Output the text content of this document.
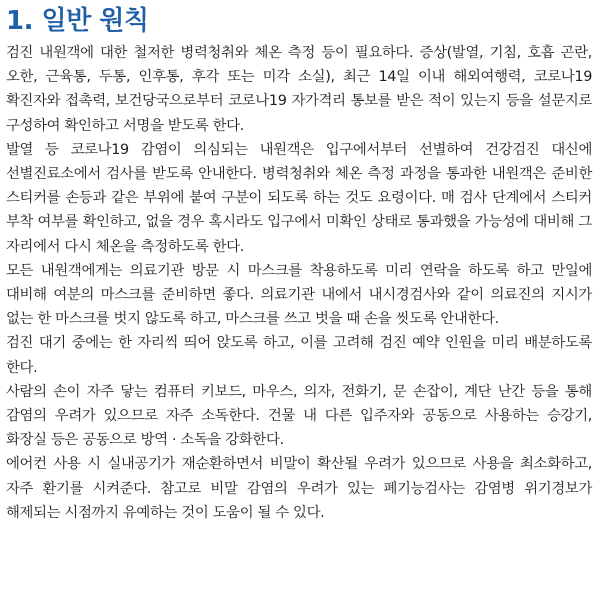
1. 일반 원칙

검진 내원객에 대한 철저한 병력청취와 체온 측정 등이 필요하다. 증상(발열, 기침, 호흡 곤란, 오한, 근육통, 두통, 인후통, 후각 또는 미각 소실), 최근 14일 이내 해외여행력, 코로나19 확진자와 접촉력, 보건당국으로부터 코로나19 자가격리 통보를 받은 적이 있는지 등을 설문지로 구성하여 확인하고 서명을 받도록 한다.

발열 등 코로나19 감염이 의심되는 내원객은 입구에서부터 선별하여 건강검진 대신에 선별진료소에서 검사를 받도록 안내한다. 병력청취와 체온 측정 과정을 통과한 내원객은 준비한 스티커를 손등과 같은 부위에 붙여 구분이 되도록 하는 것도 요령이다. 매 검사 단계에서 스티커 부착 여부를 확인하고, 없을 경우 혹시라도 입구에서 미확인 상태로 통과했을 가능성에 대비해 그 자리에서 다시 체온을 측정하도록 한다.

모든 내원객에게는 의료기관 방문 시 마스크를 착용하도록 미리 연락을 하도록 하고 만일에 대비해 여분의 마스크를 준비하면 좋다. 의료기관 내에서 내시경검사와 같이 의료진의 지시가 없는 한 마스크를 벗지 않도록 하고, 마스크를 쓰고 벗을 때 손을 씻도록 안내한다.

검진 대기 중에는 한 자리씩 띄어 앉도록 하고, 이를 고려해 검진 예약 인원을 미리 배분하도록 한다.

사람의 손이 자주 닿는 컴퓨터 키보드, 마우스, 의자, 전화기, 문 손잡이, 계단 난간 등을 통해 감염의 우려가 있으므로 자주 소독한다. 건물 내 다른 입주자와 공동으로 사용하는 승강기, 화장실 등은 공동으로 방역 · 소독을 강화한다.

에어컨 사용 시 실내공기가 재순환하면서 비말이 확산될 우려가 있으므로 사용을 최소화하고, 자주 환기를 시켜준다. 참고로 비말 감염의 우려가 있는 폐기능검사는 감염병 위기경보가 해제되는 시점까지 유예하는 것이 도움이 될 수 있다.
